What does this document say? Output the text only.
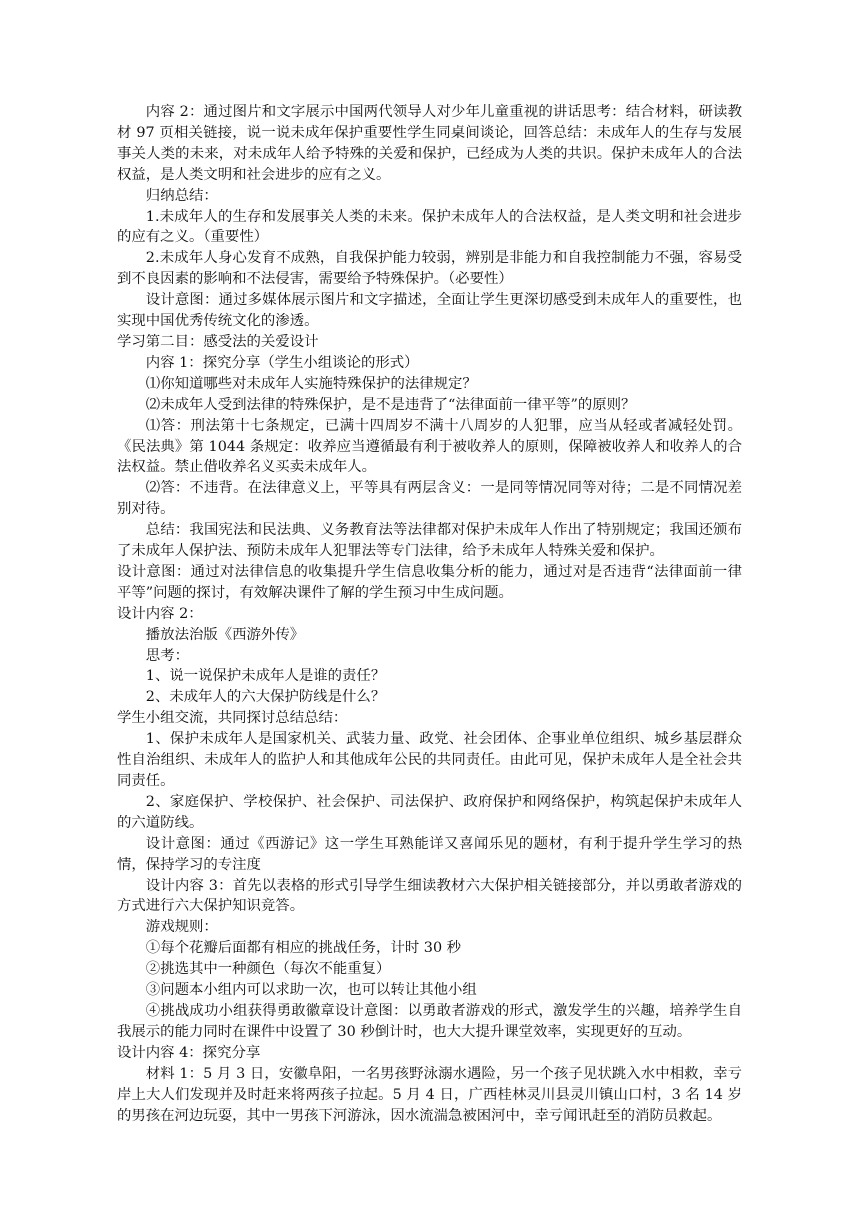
内容 2：通过图片和文字展示中国两代领导人对少年儿童重视的讲话思考：结合材料，研读教材 97 页相关链接，说一说未成年保护重要性学生同桌间谈论，回答总结：未成年人的生存与发展事关人类的未来，对未成年人给予特殊的关爱和保护，已经成为人类的共识。保护未成年人的合法权益，是人类文明和社会进步的应有之义。

归纳总结：

1.未成年人的生存和发展事关人类的未来。保护未成年人的合法权益，是人类文明和社会进步的应有之义。（重要性）

2.未成年人身心发育不成熟，自我保护能力较弱，辨别是非能力和自我控制能力不强，容易受到不良因素的影响和不法侵害，需要给予特殊保护。（必要性）

设计意图：通过多媒体展示图片和文字描述，全面让学生更深切感受到未成年人的重要性，也实现中国优秀传统文化的渗透。

学习第二目：感受法的关爱设计

内容 1：探究分享（学生小组谈论的形式）

⑴你知道哪些对未成年人实施特殊保护的法律规定？

⑵未成年人受到法律的特殊保护，是不是违背了“法律面前一律平等”的原则？

⑴答：刑法第十七条规定，已满十四周岁不满十八周岁的人犯罪，应当从轻或者减轻处罚。《民法典》第 1044 条规定：收养应当遵循最有利于被收养人的原则，保障被收养人和收养人的合法权益。禁止借收养名义买卖未成年人。

⑵答：不违背。在法律意义上，平等具有两层含义：一是同等情况同等对待；二是不同情况差别对待。

总结：我国宪法和民法典、义务教育法等法律都对保护未成年人作出了特别规定；我国还颁布了未成年人保护法、预防未成年人犯罪法等专门法律，给予未成年人特殊关爱和保护。

设计意图：通过对法律信息的收集提升学生信息收集分析的能力，通过对是否违背“法律面前一律平等”问题的探讨，有效解决课件了解的学生预习中生成问题。

设计内容 2：

播放法治版《西游外传》

思考：

1、说一说保护未成年人是谁的责任？

2、未成年人的六大保护防线是什么？

学生小组交流，共同探讨总结总结：

1、保护未成年人是国家机关、武装力量、政党、社会团体、企事业单位组织、城乡基层群众性自治组织、未成年人的监护人和其他成年公民的共同责任。由此可见，保护未成年人是全社会共同责任。

2、家庭保护、学校保护、社会保护、司法保护、政府保护和网络保护，构筑起保护未成年人的六道防线。

设计意图：通过《西游记》这一学生耳熟能详又喜闻乐见的题材，有利于提升学生学习的热情，保持学习的专注度

设计内容 3：首先以表格的形式引导学生细读教材六大保护相关链接部分，并以勇敢者游戏的方式进行六大保护知识竞答。

游戏规则：

①每个花瓣后面都有相应的挑战任务，计时 30 秒

②挑选其中一种颜色（每次不能重复）

③问题本小组内可以求助一次，也可以转让其他小组

④挑战成功小组获得勇敢徽章设计意图：以勇敢者游戏的形式，激发学生的兴趣，培养学生自我展示的能力同时在课件中设置了 30 秒倒计时，也大大提升课堂效率，实现更好的互动。

设计内容 4：探究分享

材料 1：5 月 3 日，安徽阜阳，一名男孩野泳溺水遇险，另一个孩子见状跳入水中相救，幸亏岸上大人们发现并及时赶来将两孩子拉起。5 月 4 日，广西桂林灵川县灵川镇山口村，3 名 14 岁的男孩在河边玩耍，其中一男孩下河游泳，因水流湍急被困河中，幸亏闻讯赶至的消防员救起。
